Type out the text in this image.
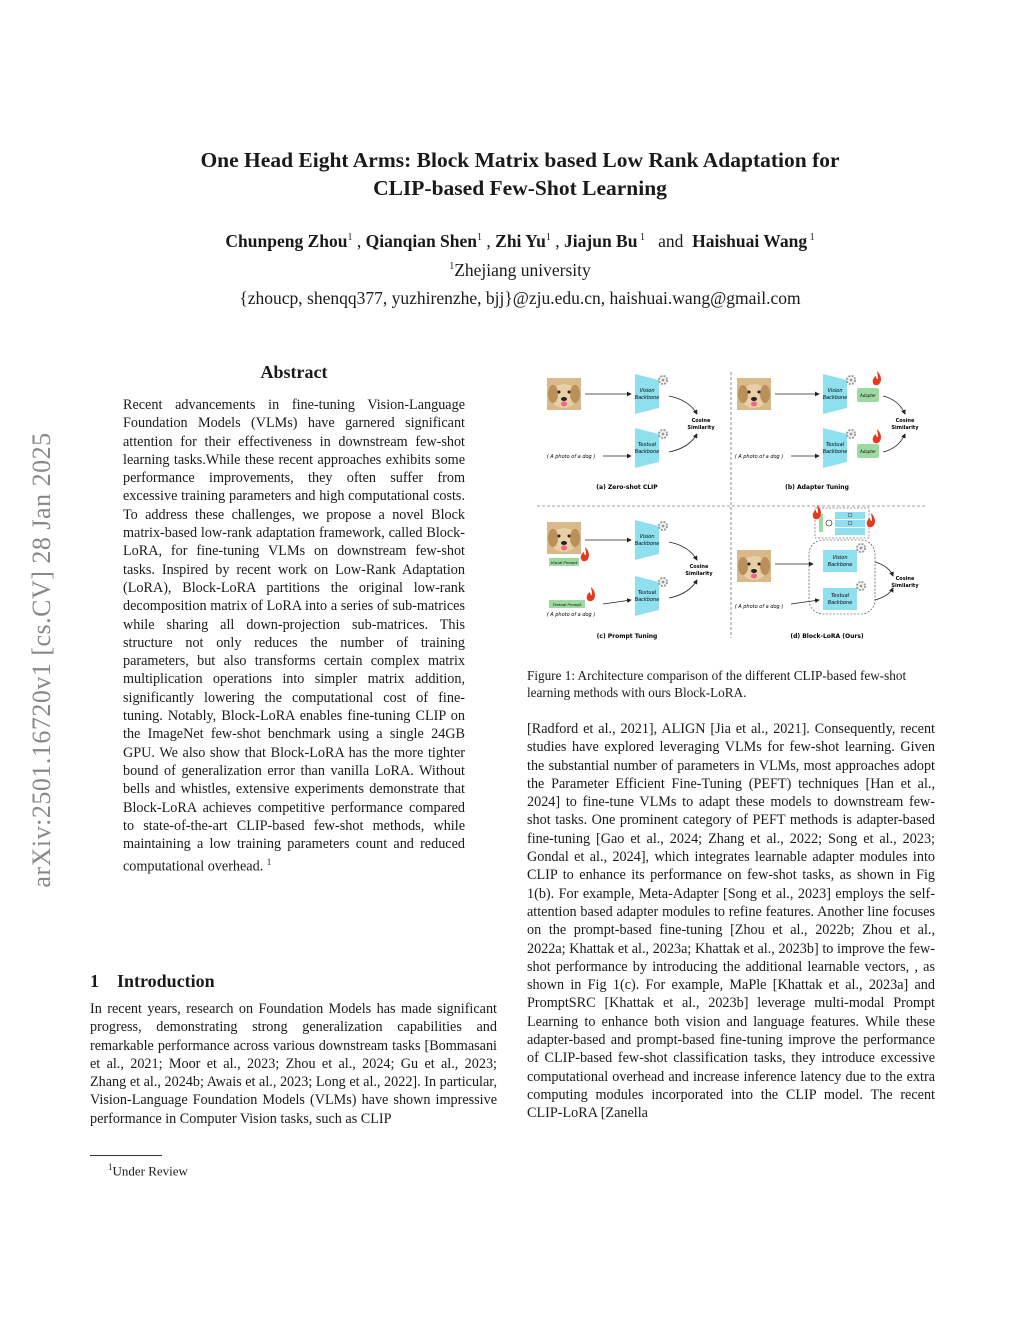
arXiv:2501.16720v1 [cs.CV] 28 Jan 2025
One Head Eight Arms: Block Matrix based Low Rank Adaptation for
CLIP-based Few-Shot Learning
Chunpeng Zhou$^1$ , Qianqian Shen$^1$ , Zhi Yu$^1$ , Jiajun Bu $^1$   and  Haishuai Wang $^1$
$^1$Zhejiang university
{zhoucp, shenqq377, yuzhirenzhe, bjj}@zju.edu.cn, haishuai.wang@gmail.com
Abstract
Recent advancements in fine-tuning Vision-Language Foundation Models (VLMs) have garnered significant attention for their effectiveness in downstream few-shot learning tasks.While these recent approaches exhibits some performance improvements, they often suffer from excessive training parameters and high computational costs. To address these challenges, we propose a novel Block matrix-based low-rank adaptation framework, called Block-LoRA, for fine-tuning VLMs on downstream few-shot tasks. Inspired by recent work on Low-Rank Adaptation (LoRA), Block-LoRA partitions the original low-rank decomposition matrix of LoRA into a series of sub-matrices while sharing all down-projection sub-matrices. This structure not only reduces the number of training parameters, but also transforms certain complex matrix multiplication operations into simpler matrix addition, significantly lowering the computational cost of fine-tuning. Notably, Block-LoRA enables fine-tuning CLIP on the ImageNet few-shot benchmark using a single 24GB GPU. We also show that Block-LoRA has the more tighter bound of generalization error than vanilla LoRA. Without bells and whistles, extensive experiments demonstrate that Block-LoRA achieves competitive performance compared to state-of-the-art CLIP-based few-shot methods, while maintaining a low training parameters count and reduced computational overhead. $^1$
1 Introduction
In recent years, research on Foundation Models has made significant progress, demonstrating strong generalization capabilities and remarkable performance across various downstream tasks [Bommasani et al., 2021; Moor et al., 2023; Zhou et al., 2024; Gu et al., 2023; Zhang et al., 2024b; Awais et al., 2023; Long et al., 2022]. In particular, Vision-Language Foundation Models (VLMs) have shown impressive performance in Computer Vision tasks, such as CLIP
$^1$Under Review
Vision
Backbone
Textual
Backbone
( A photo of a dog )
Cosine
Similarity
(a) Zero-shot CLIP
Vision
Backbone	Adapter
Textual
Backbone	Adapter
( A photo of a dog )
Cosine
Similarity
(b) Adapter Tuning
Visual Prompt
Vision
Backbone
Textual
Backbone
Textual Prompt
( A photo of a dog )
Cosine
Similarity
(c) Prompt Tuning
Vision
Backbone
Textual
Backbone
( A photo of a dog )
Cosine
Similarity
(d) Block-LoRA (Ours)
Figure 1: Architecture comparison of the different CLIP-based few-shot learning methods with ours Block-LoRA.
[Radford et al., 2021], ALIGN [Jia et al., 2021]. Consequently, recent studies have explored leveraging VLMs for few-shot learning. Given the substantial number of parameters in VLMs, most approaches adopt the Parameter Efficient Fine-Tuning (PEFT) techniques [Han et al., 2024] to fine-tune VLMs to adapt these models to downstream few-shot tasks. One prominent category of PEFT methods is adapter-based fine-tuning [Gao et al., 2024; Zhang et al., 2022; Song et al., 2023; Gondal et al., 2024], which integrates learnable adapter modules into CLIP to enhance its performance on few-shot tasks, as shown in Fig 1(b). For example, Meta-Adapter [Song et al., 2023] employs the self-attention based adapter modules to refine features. Another line focuses on the prompt-based fine-tuning [Zhou et al., 2022b; Zhou et al., 2022a; Khattak et al., 2023a; Khattak et al., 2023b] to improve the few-shot performance by introducing the additional learnable vectors, , as shown in Fig 1(c). For example, MaPle [Khattak et al., 2023a] and PromptSRC [Khattak et al., 2023b] leverage multi-modal Prompt Learning to enhance both vision and language features. While these adapter-based and prompt-based fine-tuning improve the performance of CLIP-based few-shot classification tasks, they introduce excessive computational overhead and increase inference latency due to the extra computing modules incorporated into the CLIP model. The recent CLIP-LoRA [Zanella
